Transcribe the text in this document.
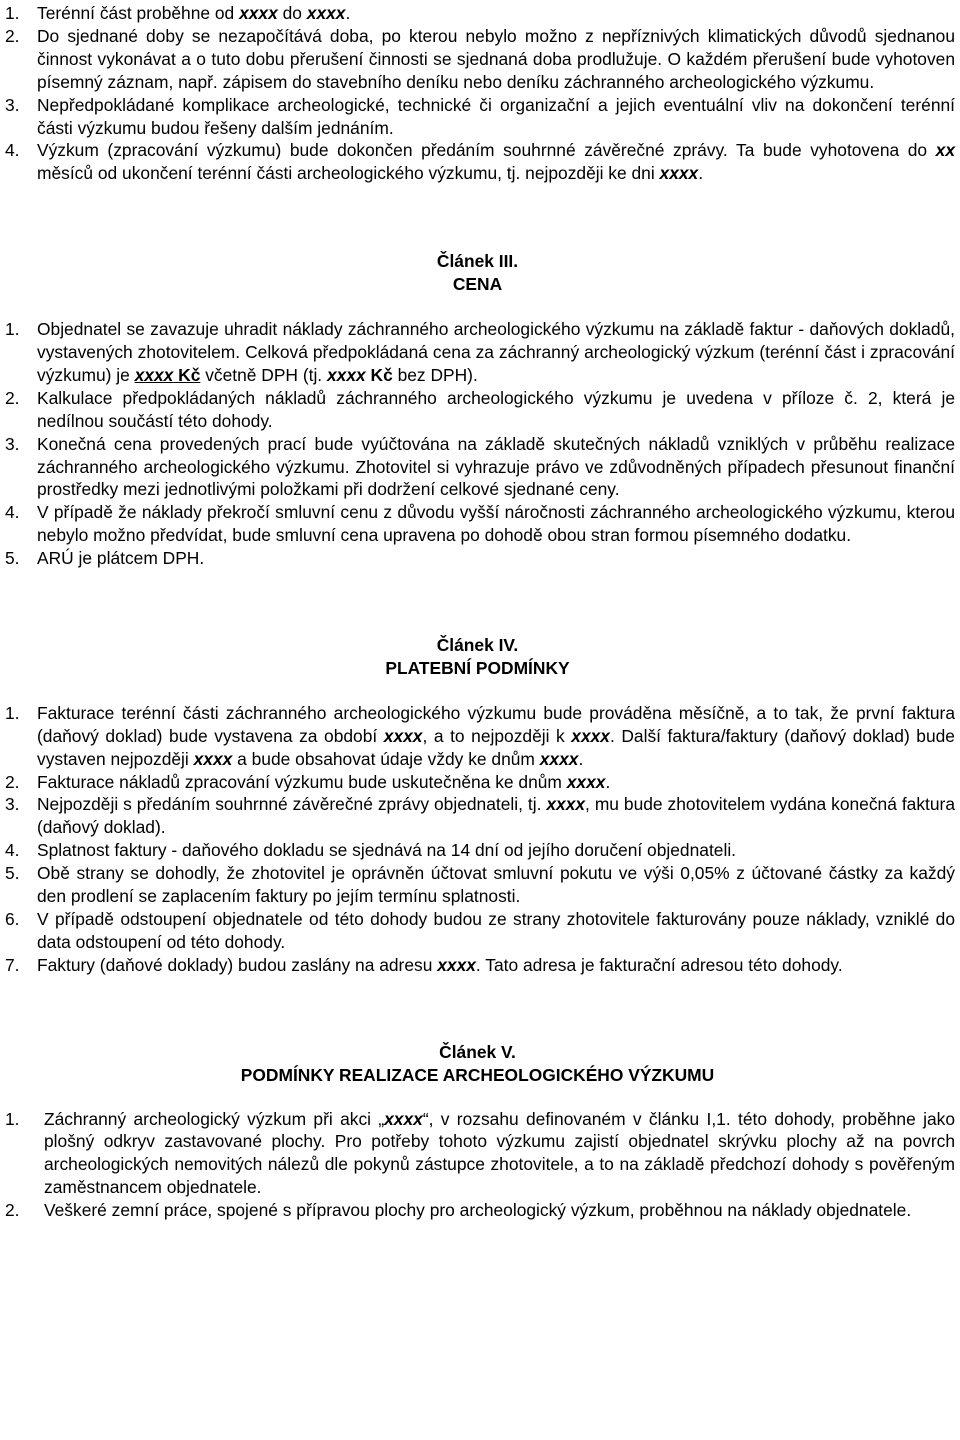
1. Terénní část proběhne od xxxx do xxxx.
2. Do sjednané doby se nezapočítává doba, po kterou nebylo možno z nepříznivých klimatických důvodů sjednanou činnost vykonávat a o tuto dobu přerušení činnosti se sjednaná doba prodlužuje. O každém přerušení bude vyhotoven písemný záznam, např. zápisem do stavebního deníku nebo deníku záchranného archeologického výzkumu.
3. Nepředpokládané komplikace archeologické, technické či organizační a jejich eventuální vliv na dokončení terénní části výzkumu budou řešeny dalším jednáním.
4. Výzkum (zpracování výzkumu) bude dokončen předáním souhrnné závěrečné zprávy. Ta bude vyhotovena do xx měsíců od ukončení terénní části archeologického výzkumu, tj. nejpozději ke dni xxxx.
Článek III.
CENA
1. Objednatel se zavazuje uhradit náklady záchranného archeologického výzkumu na základě faktur - daňových dokladů, vystavených zhotovitelem. Celková předpokládaná cena za záchranný archeologický výzkum (terénní část i zpracování výzkumu) je xxxx Kč včetně DPH (tj. xxxx Kč bez DPH).
2. Kalkulace předpokládaných nákladů záchranného archeologického výzkumu je uvedena v příloze č. 2, která je nedílnou součástí této dohody.
3. Konečná cena provedených prací bude vyúčtována na základě skutečných nákladů vzniklých v průběhu realizace záchranného archeologického výzkumu. Zhotovitel si vyhrazuje právo ve zdůvodněných případech přesunout finanční prostředky mezi jednotlivými položkami při dodržení celkové sjednané ceny.
4. V případě že náklady překročí smluvní cenu z důvodu vyšší náročnosti záchranného archeologického výzkumu, kterou nebylo možno předvídat, bude smluvní cena upravena po dohodě obou stran formou písemného dodatku.
5. ARÚ je plátcem DPH.
Článek IV.
PLATEBNÍ PODMÍNKY
1. Fakturace terénní části záchranného archeologického výzkumu bude prováděna měsíčně, a to tak, že první faktura (daňový doklad) bude vystavena za období xxxx, a to nejpozději k xxxx. Další faktura/faktury (daňový doklad) bude vystaven nejpozději xxxx a bude obsahovat údaje vždy ke dnům xxxx.
2. Fakturace nákladů zpracování výzkumu bude uskutečněna ke dnům xxxx.
3. Nejpozději s předáním souhrnné závěrečné zprávy objednateli, tj. xxxx, mu bude zhotovitelem vydána konečná faktura (daňový doklad).
4. Splatnost faktury - daňového dokladu se sjednává na 14 dní od jejího doručení objednateli.
5. Obě strany se dohodly, že zhotovitel je oprávněn účtovat smluvní pokutu ve výši 0,05% z účtované částky za každý den prodlení se zaplacením faktury po jejím termínu splatnosti.
6. V případě odstoupení objednatele od této dohody budou ze strany zhotovitele fakturovány pouze náklady, vzniklé do data odstoupení od této dohody.
7. Faktury (daňové doklady) budou zaslány na adresu xxxx. Tato adresa je fakturační adresou této dohody.
Článek V.
PODMÍNKY REALIZACE ARCHEOLOGICKÉHO VÝZKUMU
1. Záchranný archeologický výzkum při akci „xxxx“, v rozsahu definovaném v článku I,1. této dohody, proběhne jako plošný odkryv zastavované plochy. Pro potřeby tohoto výzkumu zajistí objednatel skrývku plochy až na povrch archeologických nemovitých nálezů dle pokynů zástupce zhotovitele, a to na základě předchozí dohody s pověřeným zaměstnancem objednatele.
2. Veškeré zemní práce, spojené s přípravou plochy pro archeologický výzkum, proběhnou na náklady objednatele.
